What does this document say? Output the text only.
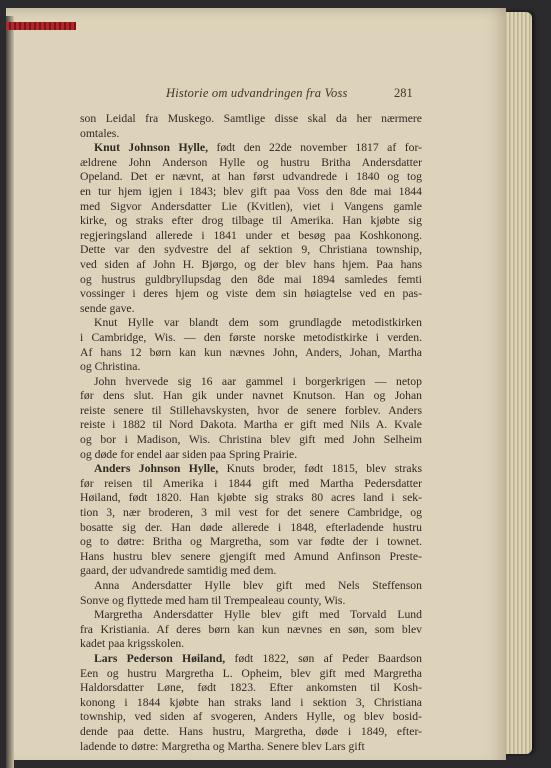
Historie om udvandringen fra Voss	281

son Leidal fra Muskego. Samtlige disse skal da her nærmere
omtales.

Knut Johnson Hylle, født den 22de november 1817 af for-
ældrene John Anderson Hylle og hustru Britha Andersdatter
Opeland. Det er nævnt, at han først udvandrede i 1840 og tog
en tur hjem igjen i 1843; blev gift paa Voss den 8de mai 1844
med Sigvor Andersdatter Lie (Kvitlen), viet i Vangens gamle
kirke, og straks efter drog tilbage til Amerika. Han kjøbte sig
regjeringsland allerede i 1841 under et besøg paa Koshkonong.
Dette var den sydvestre del af sektion 9, Christiana township,
ved siden af John H. Bjørgo, og der blev hans hjem. Paa hans
og hustrus guldbryllupsdag den 8de mai 1894 samledes femti
vossinger i deres hjem og viste dem sin høiagtelse ved en pas-
sende gave.

Knut Hylle var blandt dem som grundlagde metodistkirken
i Cambridge, Wis. — den første norske metodistkirke i verden.
Af hans 12 børn kan kun nævnes John, Anders, Johan, Martha
og Christina.

John hvervede sig 16 aar gammel i borgerkrigen — netop
før dens slut. Han gik under navnet Knutson. Han og Johan
reiste senere til Stillehavskysten, hvor de senere forblev. Anders
reiste i 1882 til Nord Dakota. Martha er gift med Nils A. Kvale
og bor i Madison, Wis. Christina blev gift med John Selheim
og døde for endel aar siden paa Spring Prairie.

Anders Johnson Hylle, Knuts broder, født 1815, blev straks
før reisen til Amerika i 1844 gift med Martha Pedersdatter
Høiland, født 1820. Han kjøbte sig straks 80 acres land i sek-
tion 3, nær broderen, 3 mil vest for det senere Cambridge, og
bosatte sig der. Han døde allerede i 1848, efterladende hustru
og to døtre: Britha og Margretha, som var fødte der i townet.
Hans hustru blev senere gjengift med Amund Anfinson Preste-
gaard, der udvandrede samtidig med dem.

Anna Andersdatter Hylle blev gift med Nels Steffenson
Sonve og flyttede med ham til Trempealeau county, Wis.

Margretha Andersdatter Hylle blev gift med Torvald Lund
fra Kristiania. Af deres børn kan kun nævnes en søn, som blev
kadet paa krigsskolen.

Lars Pederson Høiland, født 1822, søn af Peder Baardson
Een og hustru Margretha L. Opheim, blev gift med Margretha
Haldorsdatter Løne, født 1823. Efter ankomsten til Kosh-
konong i 1844 kjøbte han straks land i sektion 3, Christiana
township, ved siden af svogeren, Anders Hylle, og blev bosid-
dende paa dette. Hans hustru, Margretha, døde i 1849, efter-
ladende to døtre: Margretha og Martha. Senere blev Lars gift
